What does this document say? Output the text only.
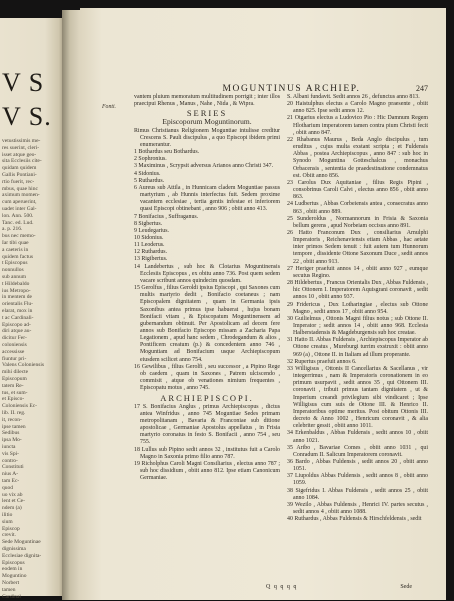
V S
V S.
vetustissimis me-
res suerint, cleri-
isset atque geo-
sita Ecclesiis cite-
quidam quidem
Gallis Pontiani-
rtio fuerit, rec-
mbus, quae hinc
aximum momen-
cum aperuerint,
uadet inter Gal-
lon. Ann. 500.
Tanc. ed. Lud.
a. p. 216.
bus nec memo-
Iar tibi quae
a caeteris in
quidem factus
t Episcopus
nonnullos
sub annum
t Hildebaldo
ius Metropo-
in mentem de
orientalis Flu-
elarat, mox in
t ac Cardinali-
Episcopo ad-
diri atque au-
dicitur Fer-
coloniensis
accessisse
fiuntur pri-
Valens Coloniensis
mihi dilecte
Episcopum
tatem Re-
tus, et sum-
et Episco-
Coloniensis Ec-
lib. II. reg.
it, recon-
ipse tamen
Sedibus
ipsa Mo-
iuncta
vis Spi-
contro-
Constituti
nius A-
tam Ec-
quod
uo vix ab
lent et Ce-
ndem (a)
ilitio
sium
Episcop
crevit.
Sede Moguntinae
dignissima
Ecclesiae dignita-
Episcopus
eodem in
Moguntino
Norbert
tamen
Cardinal
MOGUNTINUS ARCHIEP.	247
Fonti.

vantem pluium memoratum multitudinem porrigit ; inter illos praecipui Rhenus , Manus , Nahe , Nida , & Wipra.

SERIES

Episcoporum Moguntinorum.

Rimus Christianus Religionem Moguntiae intulisse creditur Crescens S. Pauli discipulus , a quo Episcopi ibidem primi enumerantur.

1 Bothardus seu Bothardus.

2 Sophronius.

3 Maximinus , Scrypsit adversus Arianos anno Christi 347.

4 Sidonius.

5 Ruthardus.

6 Aureus sub Attila , in Hunnicam cladem Moguntiae passus martyrium , ab Hunnis interfectus fuit. Sedem proxime vacantem ecclesiae , tertia gentis infestae et inferiorem quasi Episcopi obtinebant , anno 906 ; obiit anno 413.

7 Bonifacius , Suffraganus.

8 Sigbertus.

9 Leudegarius.

10 Sidonius.

11 Leoderus.

12 Ruthardus.

13 Rigibertus.

14 Landebertus , sub hoc & Clotarius Moguntinensis Ecclesiis Episcopus , ex obitu anno 736. Post quem sedem vacare scribunt annos quindecim quosdam.

15 Gerolfus , filius Geroldi ipsius Episcopi , qui Saxones cum multis martyrio dedit , Bonifacio coetaneus ; nam Episcopalem dignitatem , quam in Germania ipsis Saxonibus antea primus ipse habuerat , hujus bonam Bonifacii vitam , & Episcopatum Moguntinensem ad gubernandum obtinuit. Per Apostolicam ad decem fere annos sub Bonifacio Episcopo missam a Zacharia Papa Legationem , apud hanc sedem , Chrodegandum & alios , Pontificem creatum (p.) & concedentem anno 746 , Moguntiam ad Bonifacium usque Archiepiscopum eiusdem scilicet anno 754.

16 Gewilibus , filius Gerolfi , seu successor , a Pipino Rege ob caedem , quam in Saxones , Patrem ulciscendo , commisit , atque ob venationes nimium frequentes , Episcopatu motus , anno 745.

ARCHIEPISCOPI.

17 S. Bonifacius Anglus , primus Archiepiscopus , dictus antea Winfridus , anno 745 Moguntiae Sedes primam metropolitanam , Bavaria & Franconiae sub ditione apostolicae , Germaniae Apostolus appellatus , in Frisia martyrio coronatus in festo S. Bonifacii , anno 754 , seu 755.

18 Lullus sub Pipino sedit annos 32 , institutus fuit a Carolo Magno in Saxonia primo filio anno 787.

19 Richolphus Caroli Magni Consiliarius , electus anno 787 ; sub hoc dissidium , obiit anno 812. Ipse etiam Canonicum Germaniae.

S. Albani fundavit. Sedit annos 26 , defunctus anno 813.

20 Haistulphus electus a Carolo Magno praesente , obiit anno 825. Ipse sedit annos 12.

21 Otgarius electus a Ludovico Pio : Hic Damnum Regem Hlotharium imperatorem tamen contra pium Christi fecit , obiit anno 847.

22 Rhabanus Maurus , Beda Anglo discipulus , tum eruditus , cujus multa exstant scripta ; et Fuldensis Abbas , postea Archiepiscopus , anno 847 : sub hoc in Synodo Moguntina Gotteschalcus , monachus Orbacensis , sententia de praedestinatione condemnatus est. Obiit anno 856.

23 Carolus Dux Aquitaniae , filius Regis Pipini , consobrinus Caroli Calvi , electus anno 856 , obiit anno 863.

24 Ludbertus , Abbas Corbeiensis antea , consecratus anno 863 , obiit anno 889.

25 Sunderoldus , Normannorum in Frisia & Saxonia bellum gerens , apud Norbeiam occisus anno 891.

26 Hatto Franconum Dux , consiliarius Arnulphi Imperatoris , Reichenaviensis etiam Abbas , hac aetate inter primos Sedem tenuit : fuit autem tum Hunnorum tempore , dissidente Ottone Saxonum Duce , sedit annos 22 , obiit anno 913.

27 Heriger praefuit annos 14 , obiit anno 927 , eumque secutus Regino.

28 Hildebertus , Francus Orientalis Dux , Abbas Fuldensis , hic Ottonem I. Imperatorem Aquisgrani coronavit , sedit annos 10 , obiit anno 937.

29 Fridericus , Dux Lotharingiae , electus sub Ottone Magno , sedit annos 17 , obiit anno 954.

30 Guilielmus , Ottonis Magni filius notus ; sub Ottone II. Imperator ; sedit annos 14 , obiit anno 968. Ecclesia Halberstadensis & Magdeburgensis sub hoc creatae.

31 Hatto II. Abbas Fuldensis , Archiepiscopus Imperator ab Ottone creatus , Mureburgi turrim exstruxit : obiit anno 969 (a) , Ottone II. in Italiam ad illum properante.

32 Rupertus praefuit annos 6.

33 Willigisus , Ottonis II Cancellarius & Sacellanus , vir integerrimus , nam & Imperatoris coronationem in eo primum usurpavit , sedit annos 35 , qui Ottonem III. coronavit , tribuit primus tantam dignitatem , ut & Imperium creandi privilegium sibi vindicaret ; Ipse Willigisus cum suis de Ottone III. & Henrico II. Imperatoribus optime meritus. Post obitum Ottonis III. decreto & Anno 1002 , Henricum coronavit , & alia celebriter gessit , obiit anno 1011.

34 Erkenbaldus , Abbas Fuldensis , sedit annos 10 , obiit anno 1021.

35 Aribo , Bavariae Comes , obiit anno 1031 , qui Conradum II. Salicum Imperatorem coronavit.

36 Bardo , Abbas Fuldensis , sedit annos 20 , obiit anno 1051.

37 Liupoldus Abbas Fuldensis , sedit annos 8 , obiit anno 1059.

38 Sigefridus I. Abbas Fuldensis , sedit annos 25 , obiit anno 1084.

39 Wezilo , Abbas Fuldensis , Henrici IV. partes secutus , sedit annos 4 , obiit anno 1088.

40 Ruthardus , Abbas Fuldensis & Hirschfeldensis , sedit

Q q q q q	Sede
